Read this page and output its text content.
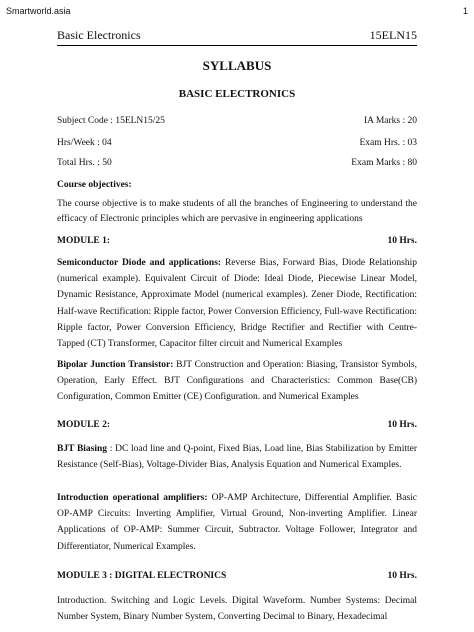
Smartworld.asia	1
Basic Electronics	15ELN15
SYLLABUS
BASIC ELECTRONICS
Subject Code : 15ELN15/25	IA Marks : 20
Hrs/Week : 04	Exam Hrs. : 03
Total Hrs. : 50	Exam Marks : 80
Course objectives:

The course objective is to make students of all the branches of Engineering to understand the efficacy of Electronic principles which are pervasive in engineering applications

MODULE 1:	10 Hrs.

Semiconductor Diode and applications: Reverse Bias, Forward Bias, Diode Relationship (numerical example). Equivalent Circuit of Diode: Ideal Diode, Piecewise Linear Model, Dynamic Resistance, Approximate Model (numerical examples). Zener Diode, Rectification: Half-wave Rectification: Ripple factor, Power Conversion Efficiency, Full-wave Rectification: Ripple factor, Power Conversion Efficiency, Bridge Rectifier and Rectifier with Centre-Tapped (CT) Transformer, Capacitor filter circuit and Numerical Examples

Bipolar Junction Transistor: BJT Construction and Operation: Biasing, Transistor Symbols, Operation, Early Effect. BJT Configurations and Characteristics: Common Base(CB) Configuration, Common Emitter (CE) Configuration. and Numerical Examples

MODULE 2:	10 Hrs.

BJT Biasing : DC load line and Q-point, Fixed Bias, Load line, Bias Stabilization by Emitter Resistance (Self-Bias), Voltage-Divider Bias, Analysis Equation and Numerical Examples.

Introduction operational amplifiers: OP-AMP Architecture, Differential Amplifier. Basic OP-AMP Circuits: Inverting Amplifier, Virtual Ground, Non-inverting Amplifier. Linear Applications of OP-AMP: Summer Circuit, Subtractor. Voltage Follower, Integrator and Differentiator, Numerical Examples.

MODULE 3 : DIGITAL ELECTRONICS	10 Hrs.

Introduction. Switching and Logic Levels. Digital Waveform. Number Systems: Decimal Number System, Binary Number System, Converting Decimal to Binary, Hexadecimal
